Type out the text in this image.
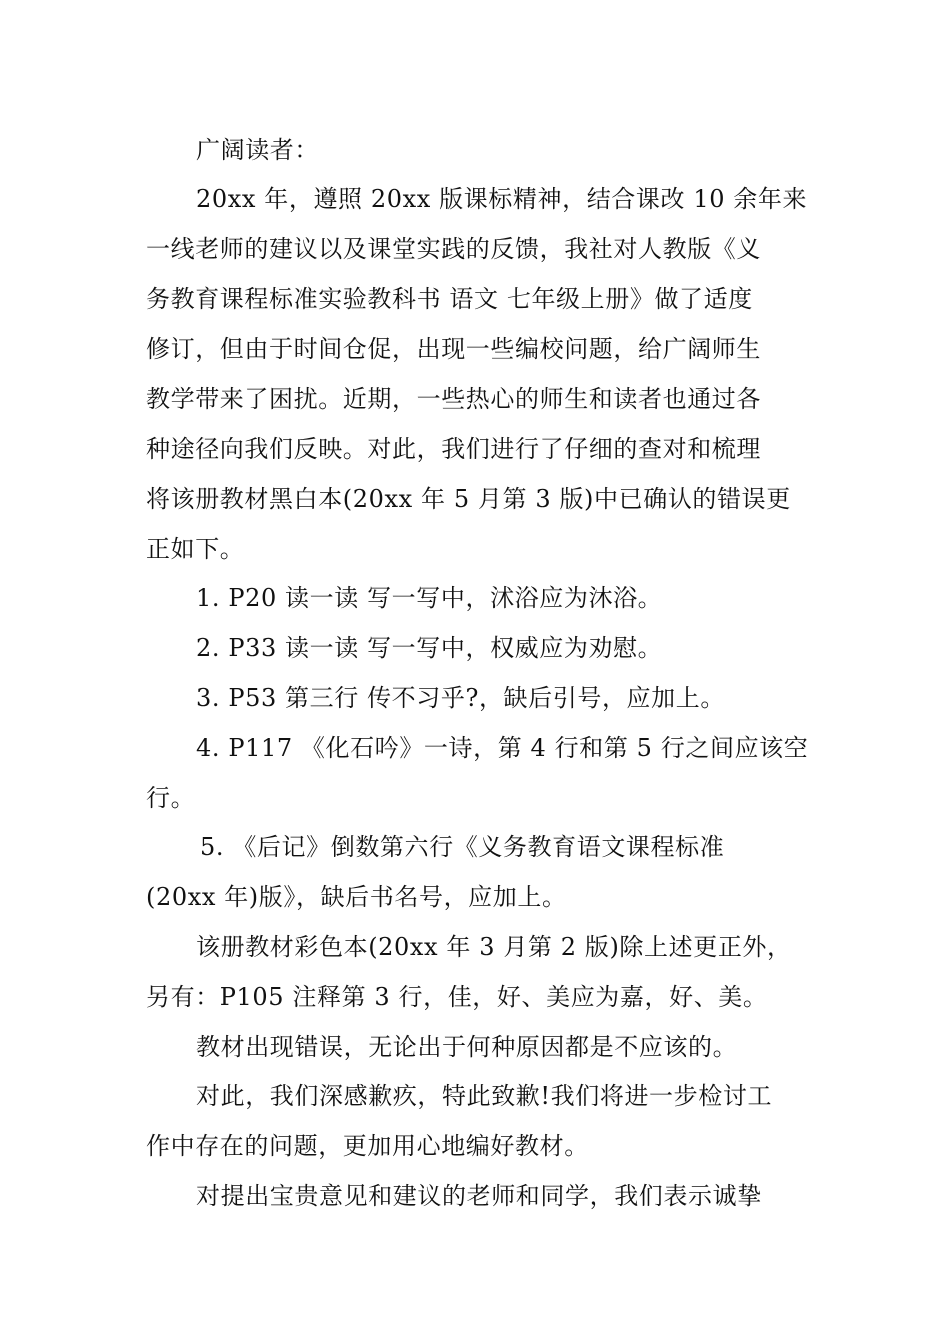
广阔读者：

20xx 年，遵照 20xx 版课标精神，结合课改 10 余年来

一线老师的建议以及课堂实践的反馈，我社对人教版《义

务教育课程标准实验教科书 语文 七年级上册》做了适度

修订，但由于时间仓促，出现一些编校问题，给广阔师生

教学带来了困扰。近期，一些热心的师生和读者也通过各

种途径向我们反映。对此，我们进行了仔细的查对和梳理

将该册教材黑白本(20xx 年 5 月第 3 版)中已确认的错误更

正如下。

1. P20 读一读 写一写中，沭浴应为沐浴。

2. P33 读一读 写一写中，权威应为劝慰。

3. P53 第三行 传不习乎?，缺后引号，应加上。

4. P117 《化石吟》一诗，第 4 行和第 5 行之间应该空

行。

5. 《后记》倒数第六行《义务教育语文课程标准

(20xx 年)版》，缺后书名号，应加上。

该册教材彩色本(20xx 年 3 月第 2 版)除上述更正外，

另有：P105 注释第 3 行，佳，好、美应为嘉，好、美。

教材出现错误，无论出于何种原因都是不应该的。

对此，我们深感歉疚，特此致歉!我们将进一步检讨工

作中存在的问题，更加用心地编好教材。

对提出宝贵意见和建议的老师和同学，我们表示诚挚
